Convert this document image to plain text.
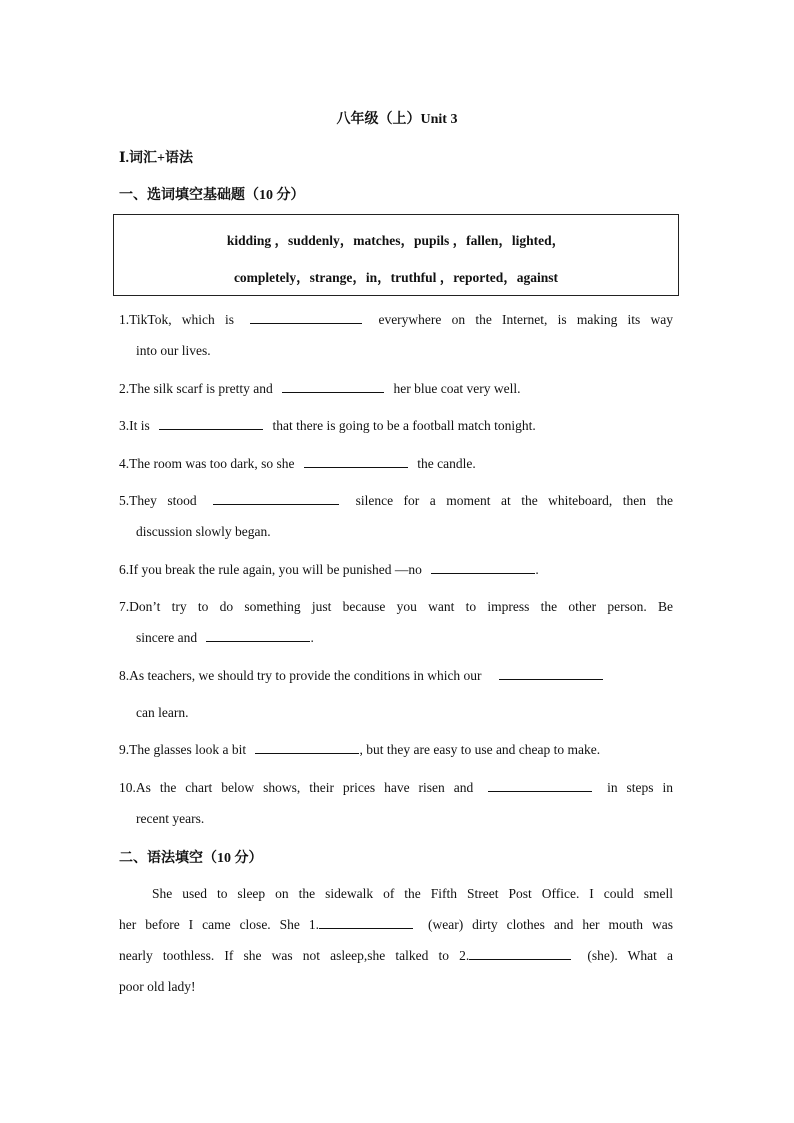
八年级（上）Unit 3
Ⅰ.词汇+语法
一、选词填空基础题（10 分）
kidding ，suddenly，matches，pupils ，fallen，lighted，
completely，strange，in，truthful ，reported，against
1.TikTok, which is	everywhere on the Internet, is making its way
into our lives.
2.The silk scarf is pretty and	her blue coat very well.
3.It is	that there is going to be a football match tonight.
4.The room was too dark, so she	the candle.
5.They stood	silence for a moment at the whiteboard, then the
discussion slowly began.
6.If you break the rule again, you will be punished —no	.
7.Don’t try to do something just because you want to impress the other person. Be
sincere and	.
8.As teachers, we should try to provide the conditions in which our
can learn.
9.The glasses look a bit	, but they are easy to use and cheap to make.
10.As the chart below shows, their prices have risen and	in steps in
recent years.
二、语法填空（10 分）
She used to sleep on the sidewalk of the Fifth Street Post Office. I could smell
her before I came close. She 1.	(wear) dirty clothes and her mouth was
nearly toothless. If she was not asleep,she talked to 2.	(she). What a
poor old lady!
